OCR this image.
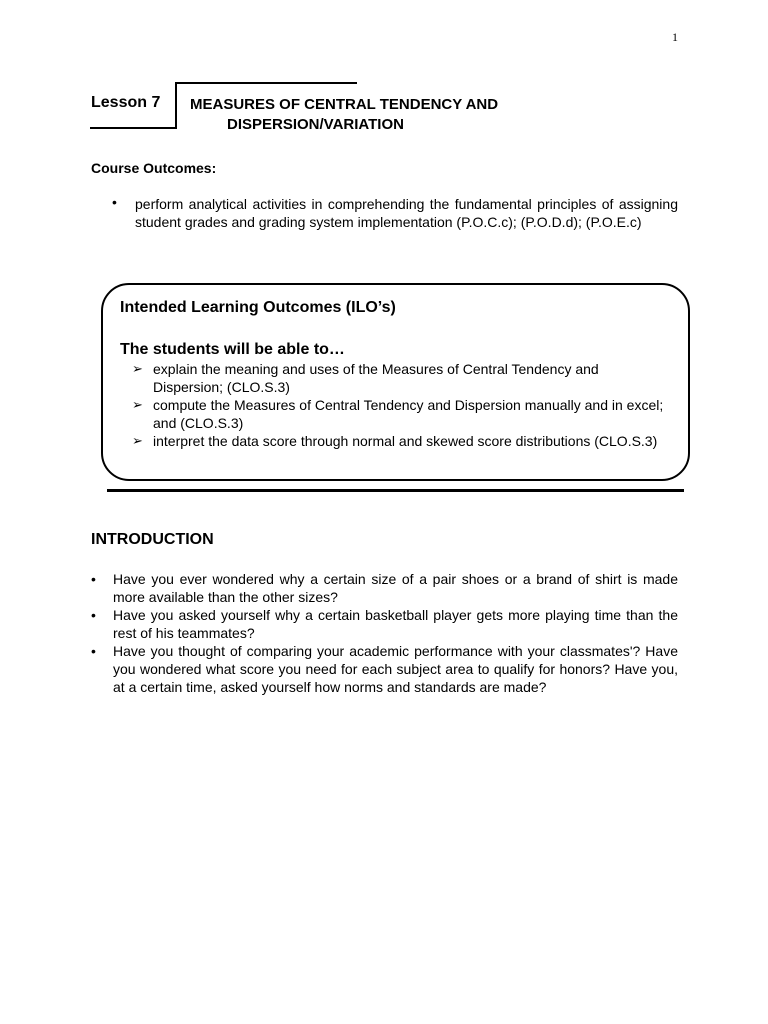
1
Lesson 7 MEASURES OF CENTRAL TENDENCY AND
DISPERSION/VARIATION
Course Outcomes:
• perform analytical activities in comprehending the fundamental principles of assigning student grades and grading system implementation (P.O.C.c); (P.O.D.d); (P.O.E.c)
Intended Learning Outcomes (ILO’s)
The students will be able to…
➢ explain the meaning and uses of the Measures of Central Tendency and Dispersion; (CLO.S.3)
➢ compute the Measures of Central Tendency and Dispersion manually and in excel; and (CLO.S.3)
➢ interpret the data score through normal and skewed score distributions (CLO.S.3)
INTRODUCTION
• Have you ever wondered why a certain size of a pair shoes or a brand of shirt is made more available than the other sizes?
• Have you asked yourself why a certain basketball player gets more playing time than the rest of his teammates?
• Have you thought of comparing your academic performance with your classmates'? Have you wondered what score you need for each subject area to qualify for honors? Have you, at a certain time, asked yourself how norms and standards are made?
